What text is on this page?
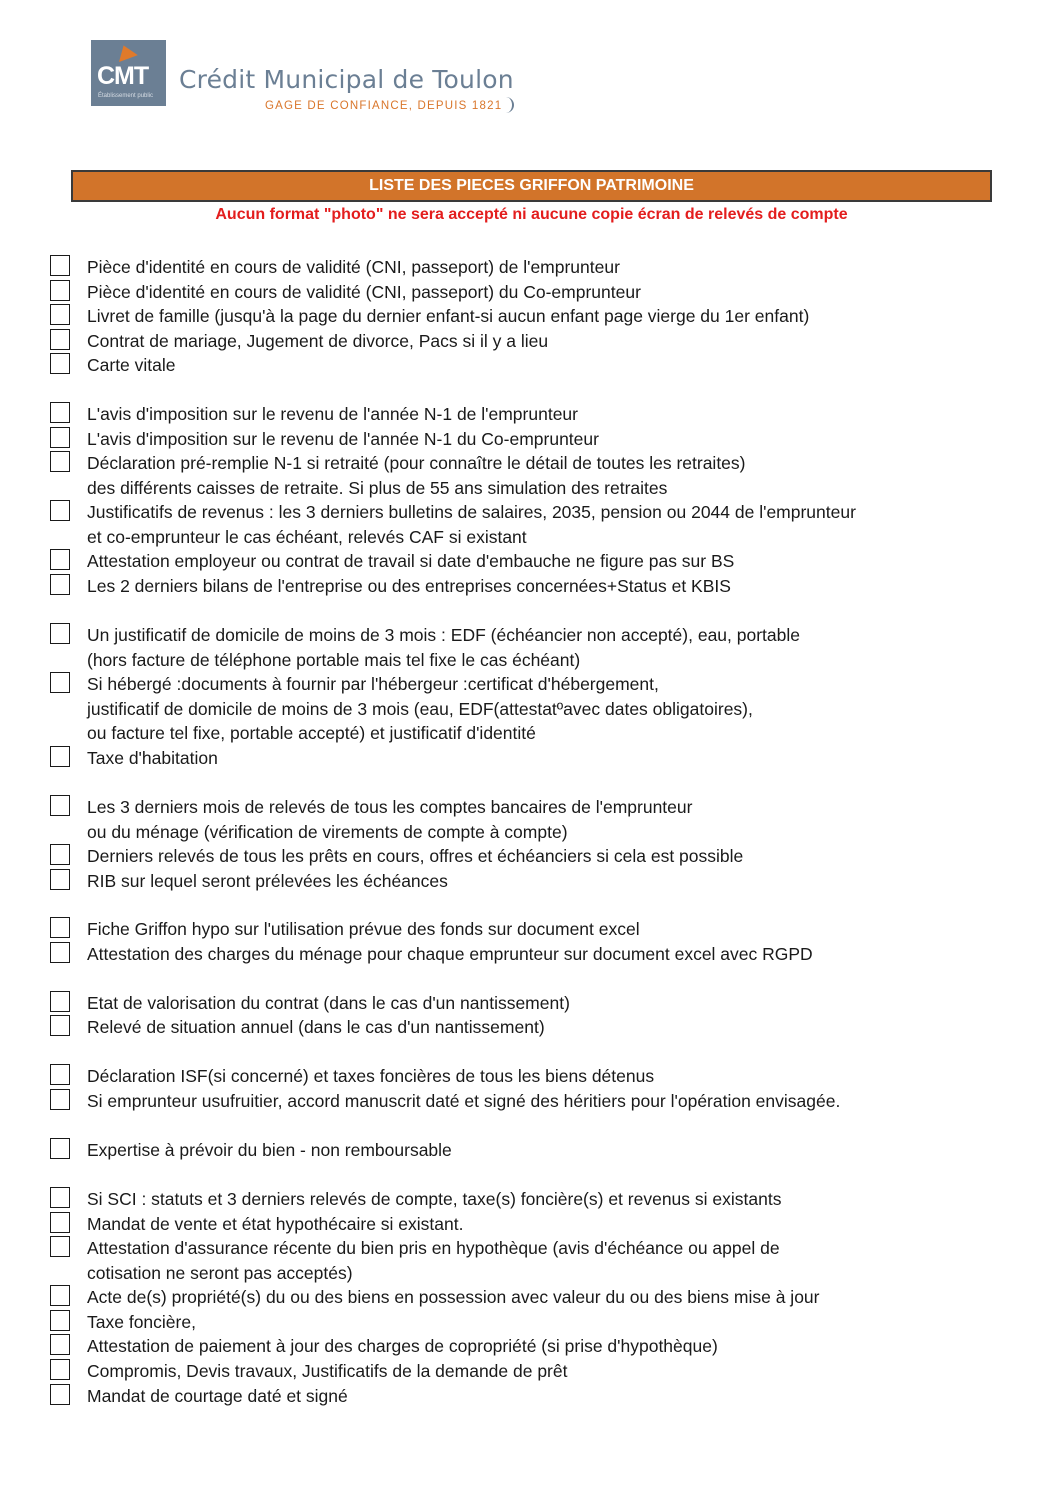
CMT
Établissement public
Crédit Municipal de Toulon
GAGE DE CONFIANCE, DEPUIS 1821
LISTE DES PIECES GRIFFON PATRIMOINE
Aucun format "photo" ne sera accepté ni aucune copie écran de relevés de compte
Pièce d'identité en cours de validité (CNI, passeport) de l'emprunteur
Pièce d'identité en cours de validité (CNI, passeport) du Co-emprunteur
Livret de famille (jusqu'à la page du dernier enfant-si aucun enfant page vierge du 1er enfant)
Contrat de mariage, Jugement de divorce, Pacs si il y a lieu
Carte vitale
L'avis d'imposition sur le revenu de l'année N-1 de l'emprunteur
L'avis d'imposition sur le revenu de l'année N-1 du Co-emprunteur
Déclaration pré-remplie N-1 si retraité (pour connaître le détail de toutes les retraites)
des différents caisses de retraite. Si plus de 55 ans simulation des retraites
Justificatifs de revenus : les 3 derniers bulletins de salaires, 2035, pension ou 2044 de l'emprunteur
et co-emprunteur le cas échéant, relevés CAF si existant
Attestation employeur ou contrat de travail si date d'embauche ne figure pas sur BS
Les 2 derniers bilans de l'entreprise ou des entreprises concernées+Status et KBIS
Un justificatif de domicile de moins de 3 mois : EDF (échéancier non accepté), eau, portable
(hors facture de téléphone portable mais tel fixe le cas échéant)
Si hébergé :documents à fournir par l'hébergeur :certificat d'hébergement,
justificatif de domicile de moins de 3 mois (eau, EDF(attestatºavec dates obligatoires),
ou facture tel fixe, portable accepté) et justificatif d'identité
Taxe d'habitation
Les 3 derniers mois de relevés de tous les comptes bancaires de l'emprunteur
ou du ménage (vérification de virements de compte à compte)
Derniers relevés de tous les prêts en cours, offres et échéanciers si cela est possible
RIB sur lequel seront prélevées les échéances
Fiche Griffon hypo sur l'utilisation prévue des fonds sur document excel
Attestation des charges du ménage pour chaque emprunteur sur document excel avec RGPD
Etat de valorisation du contrat (dans le cas d'un nantissement)
Relevé de situation annuel (dans le cas d'un nantissement)
Déclaration ISF(si concerné) et taxes foncières de tous les biens détenus
Si emprunteur usufruitier, accord manuscrit daté et signé des héritiers pour l'opération envisagée.
Expertise à prévoir du bien - non remboursable
Si SCI : statuts et 3 derniers relevés de compte, taxe(s) foncière(s) et revenus si existants
Mandat de vente et état hypothécaire si existant.
Attestation d'assurance récente du bien pris en hypothèque (avis d'échéance ou appel de
cotisation ne seront pas acceptés)
Acte de(s) propriété(s) du ou des biens en possession avec valeur du ou des biens mise à jour
Taxe foncière,
Attestation de paiement à jour des charges de copropriété (si prise d'hypothèque)
Compromis, Devis travaux, Justificatifs de la demande de prêt
Mandat de courtage daté et signé
